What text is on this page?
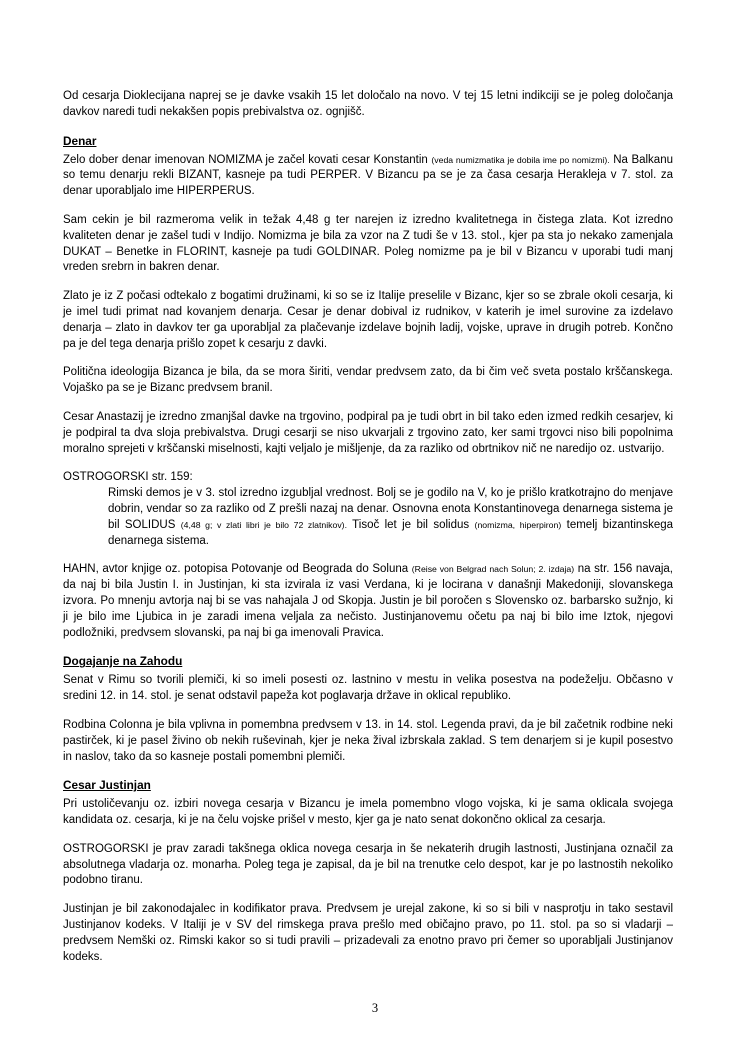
Od cesarja Dioklecijana naprej se je davke vsakih 15 let določalo na novo. V tej 15 letni indikciji se je poleg določanja davkov naredi tudi nekakšen popis prebivalstva oz. ognjišč.

Denar

Zelo dober denar imenovan NOMIZMA je začel kovati cesar Konstantin (veda numizmatika je dobila ime po nomizmi). Na Balkanu so temu denarju rekli BIZANT, kasneje pa tudi PERPER. V Bizancu pa se je za časa cesarja Herakleja v 7. stol. za denar uporabljalo ime HIPERPERUS.

Sam cekin je bil razmeroma velik in težak 4,48 g ter narejen iz izredno kvalitetnega in čistega zlata. Kot izredno kvaliteten denar je zašel tudi v Indijo. Nomizma je bila za vzor na Z tudi še v 13. stol., kjer pa sta jo nekako zamenjala DUKAT – Benetke in FLORINT, kasneje pa tudi GOLDINAR. Poleg nomizme pa je bil v Bizancu v uporabi tudi manj vreden srebrn in bakren denar.

Zlato je iz Z počasi odtekalo z bogatimi družinami, ki so se iz Italije preselile v Bizanc, kjer so se zbrale okoli cesarja, ki je imel tudi primat nad kovanjem denarja. Cesar je denar dobival iz rudnikov, v katerih je imel surovine za izdelavo denarja – zlato in davkov ter ga uporabljal za plačevanje izdelave bojnih ladij, vojske, uprave in drugih potreb. Končno pa je del tega denarja prišlo zopet k cesarju z davki.

Politična ideologija Bizanca je bila, da se mora širiti, vendar predvsem zato, da bi čim več sveta postalo krščanskega. Vojaško pa se je Bizanc predvsem branil.

Cesar Anastazij je izredno zmanjšal davke na trgovino, podpiral pa je tudi obrt in bil tako eden izmed redkih cesarjev, ki je podpiral ta dva sloja prebivalstva. Drugi cesarji se niso ukvarjali z trgovino zato, ker sami trgovci niso bili popolnima moralno sprejeti v krščanski miselnosti, kajti veljalo je mišljenje, da za razliko od obrtnikov nič ne naredijo oz. ustvarijo.

OSTROGORSKI str. 159:

Rimski demos je v 3. stol izredno izgubljal vrednost. Bolj se je godilo na V, ko je prišlo kratkotrajno do menjave dobrin, vendar so za razliko od Z prešli nazaj na denar. Osnovna enota Konstantinovega denarnega sistema je bil SOLIDUS (4,48 g; v zlati libri je bilo 72 zlatnikov). Tisoč let je bil solidus (nomizma, hiperpiron) temelj bizantinskega denarnega sistema.

HAHN, avtor knjige oz. potopisa Potovanje od Beograda do Soluna (Reise von Belgrad nach Solun; 2. izdaja) na str. 156 navaja, da naj bi bila Justin I. in Justinjan, ki sta izvirala iz vasi Verdana, ki je locirana v današnji Makedoniji, slovanskega izvora. Po mnenju avtorja naj bi se vas nahajala J od Skopja. Justin je bil poročen s Slovensko oz. barbarsko sužnjo, ki ji je bilo ime Ljubica in je zaradi imena veljala za nečisto. Justinjanovemu očetu pa naj bi bilo ime Iztok, njegovi podložniki, predvsem slovanski, pa naj bi ga imenovali Pravica.

Dogajanje na Zahodu

Senat v Rimu so tvorili plemiči, ki so imeli posesti oz. lastnino v mestu in velika posestva na podeželju. Občasno v sredini 12. in 14. stol. je senat odstavil papeža kot poglavarja države in oklical republiko.

Rodbina Colonna je bila vplivna in pomembna predvsem v 13. in 14. stol. Legenda pravi, da je bil začetnik rodbine neki pastirček, ki je pasel živino ob nekih ruševinah, kjer je neka žival izbrskala zaklad. S tem denarjem si je kupil posestvo in naslov, tako da so kasneje postali pomembni plemiči.

Cesar Justinjan

Pri ustoličevanju oz. izbiri novega cesarja v Bizancu je imela pomembno vlogo vojska, ki je sama oklicala svojega kandidata oz. cesarja, ki je na čelu vojske prišel v mesto, kjer ga je nato senat dokončno oklical za cesarja.

OSTROGORSKI je prav zaradi takšnega oklica novega cesarja in še nekaterih drugih lastnosti, Justinjana označil za absolutnega vladarja oz. monarha. Poleg tega je zapisal, da je bil na trenutke celo despot, kar je po lastnostih nekoliko podobno tiranu.

Justinjan je bil zakonodajalec in kodifikator prava. Predvsem je urejal zakone, ki so si bili v nasprotju in tako sestavil Justinjanov kodeks. V Italiji je v SV del rimskega prava prešlo med običajno pravo, po 11. stol. pa so si vladarji – predvsem Nemški oz. Rimski kakor so si tudi pravili – prizadevali za enotno pravo pri čemer so uporabljali Justinjanov kodeks.

3
